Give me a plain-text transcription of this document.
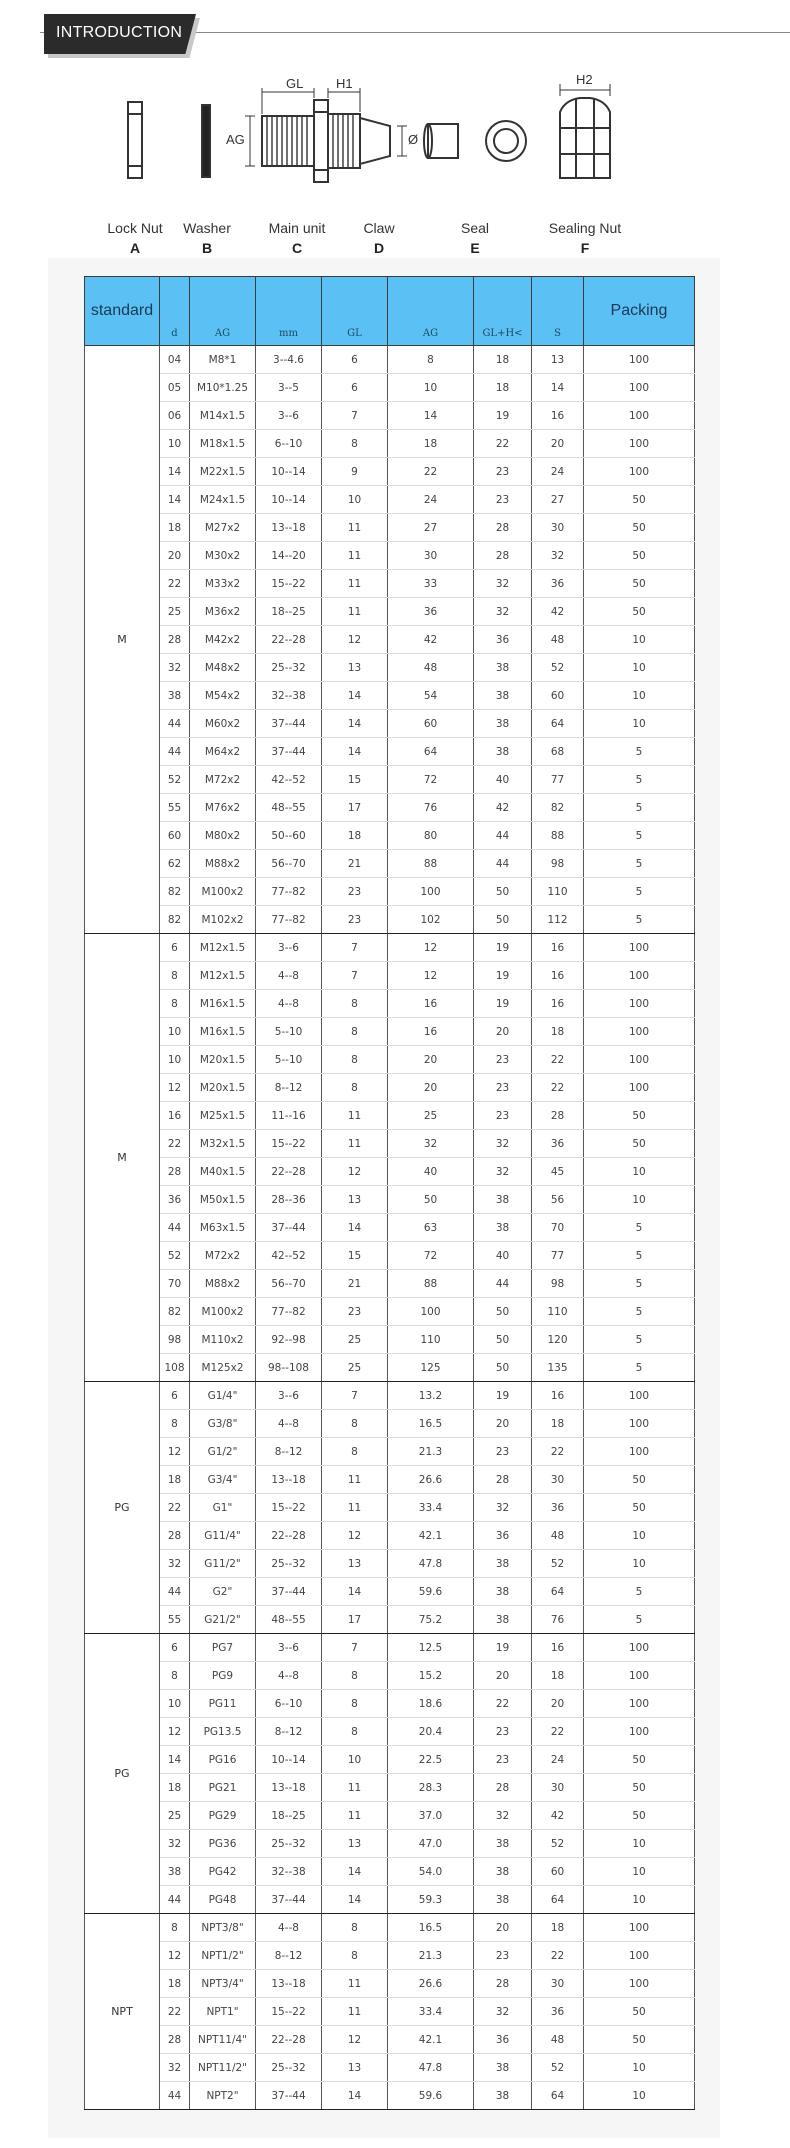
INTRODUCTION
GL	H1	H2
AG	Ø
Lock Nut
A
Washer
B
Main unit
C
Claw
D
Seal
E
Sealing Nut
F
standard	d	AG	mm	GL	AG	GL+H<	S	Packing
M	04	M8*1	3--4.6	6	8	18	13	100
	05	M10*1.25	3--5	6	10	18	14	100
	06	M14x1.5	3--6	7	14	19	16	100
	10	M18x1.5	6--10	8	18	22	20	100
	14	M22x1.5	10--14	9	22	23	24	100
	14	M24x1.5	10--14	10	24	23	27	50
	18	M27x2	13--18	11	27	28	30	50
	20	M30x2	14--20	11	30	28	32	50
	22	M33x2	15--22	11	33	32	36	50
	25	M36x2	18--25	11	36	32	42	50
	28	M42x2	22--28	12	42	36	48	10
	32	M48x2	25--32	13	48	38	52	10
	38	M54x2	32--38	14	54	38	60	10
	44	M60x2	37--44	14	60	38	64	10
	44	M64x2	37--44	14	64	38	68	5
	52	M72x2	42--52	15	72	40	77	5
	55	M76x2	48--55	17	76	42	82	5
	60	M80x2	50--60	18	80	44	88	5
	62	M88x2	56--70	21	88	44	98	5
	82	M100x2	77--82	23	100	50	110	5
	82	M102x2	77--82	23	102	50	112	5
M	6	M12x1.5	3--6	7	12	19	16	100
	8	M12x1.5	4--8	7	12	19	16	100
	8	M16x1.5	4--8	8	16	19	16	100
	10	M16x1.5	5--10	8	16	20	18	100
	10	M20x1.5	5--10	8	20	23	22	100
	12	M20x1.5	8--12	8	20	23	22	100
	16	M25x1.5	11--16	11	25	23	28	50
	22	M32x1.5	15--22	11	32	32	36	50
	28	M40x1.5	22--28	12	40	32	45	10
	36	M50x1.5	28--36	13	50	38	56	10
	44	M63x1.5	37--44	14	63	38	70	5
	52	M72x2	42--52	15	72	40	77	5
	70	M88x2	56--70	21	88	44	98	5
	82	M100x2	77--82	23	100	50	110	5
	98	M110x2	92--98	25	110	50	120	5
	108	M125x2	98--108	25	125	50	135	5
PG	6	G1/4"	3--6	7	13.2	19	16	100
	8	G3/8"	4--8	8	16.5	20	18	100
	12	G1/2"	8--12	8	21.3	23	22	100
	18	G3/4"	13--18	11	26.6	28	30	50
	22	G1"	15--22	11	33.4	32	36	50
	28	G11/4"	22--28	12	42.1	36	48	10
	32	G11/2"	25--32	13	47.8	38	52	10
	44	G2"	37--44	14	59.6	38	64	5
	55	G21/2"	48--55	17	75.2	38	76	5
PG	6	PG7	3--6	7	12.5	19	16	100
	8	PG9	4--8	8	15.2	20	18	100
	10	PG11	6--10	8	18.6	22	20	100
	12	PG13.5	8--12	8	20.4	23	22	100
	14	PG16	10--14	10	22.5	23	24	50
	18	PG21	13--18	11	28.3	28	30	50
	25	PG29	18--25	11	37.0	32	42	50
	32	PG36	25--32	13	47.0	38	52	10
	38	PG42	32--38	14	54.0	38	60	10
	44	PG48	37--44	14	59.3	38	64	10
NPT	8	NPT3/8"	4--8	8	16.5	20	18	100
	12	NPT1/2"	8--12	8	21.3	23	22	100
	18	NPT3/4"	13--18	11	26.6	28	30	100
	22	NPT1"	15--22	11	33.4	32	36	50
	28	NPT11/4"	22--28	12	42.1	36	48	50
	32	NPT11/2"	25--32	13	47.8	38	52	10
	44	NPT2"	37--44	14	59.6	38	64	10
